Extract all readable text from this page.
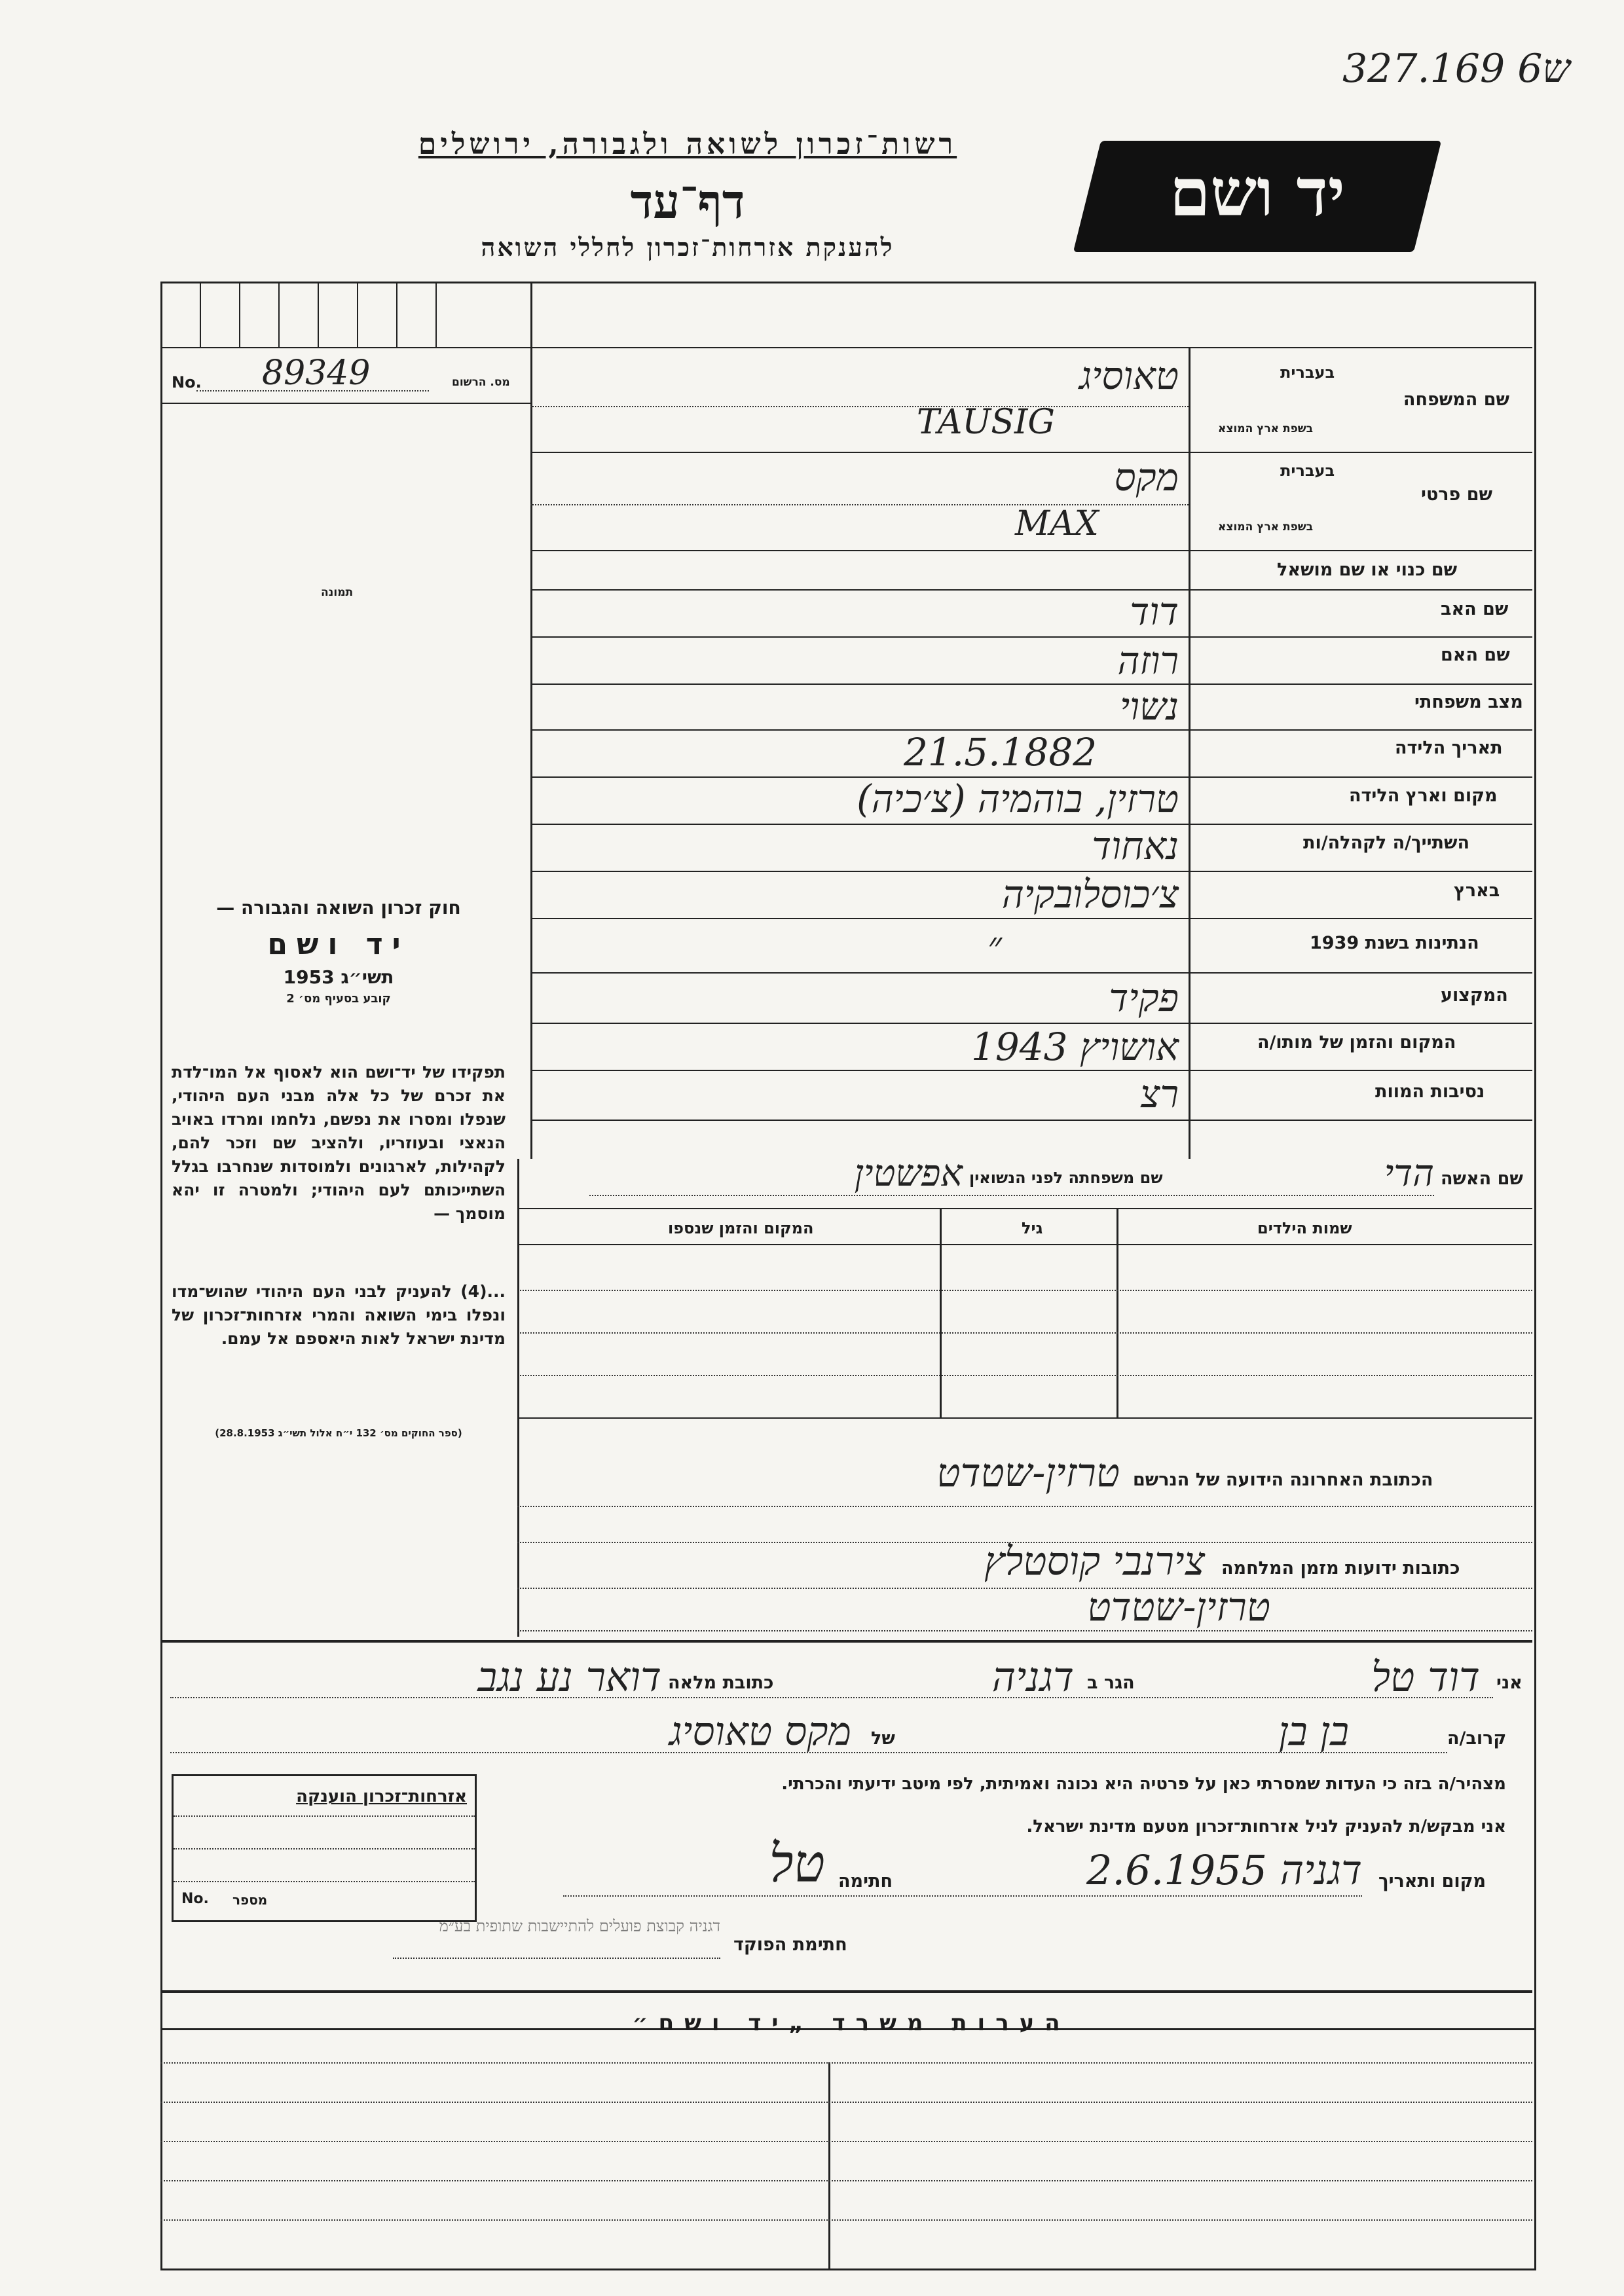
327.169 ש6
רשות־זכרון לשואה ולגבורה, ירושלים
דף־עד
להענקת אזרחות־זכרון לחללי השואה
יד ושם
No. 89349	מס. הרשום
תמונה
שם המשפחה
בעברית
בשפת ארץ המוצא
טאוסיג
TAUSIG
שם פרטי
בעברית
בשפת ארץ המוצא
מקס
MAX
שם כנוי או שם מושאל
שם האב
דוד
שם האם
רוזה
מצב משפחתי
נשוי
תאריך הלידה
21.5.1882
מקום וארץ הלידה
טרזין, בוהמיה (צ׳כיה)
השתייך/ה לקהלה/ות
נאחוד
בארץ
צ׳כוסלובקיה
הנתינות בשנת 1939
״
המקצוע
פקיד
המקום והזמן של מותו/ה
אושויץ 1943
נסיבות המוות
רצ
שם האשה
הדי
שם משפחתה לפני הנשואין
אפשטין
שמות הילדים
גיל
המקום והזמן שנספו

חוק זכרון השואה והגבורה —

יד ושם

תשי״ג 1953

קובע בסעיף מס׳ 2

תפקידו של יד־ושם הוא לאסוף אל המו־לדת את זכרם של כל אלה מבני העם היהודי, שנפלו ומסרו את נפשם, נלחמו ומרדו באויב הנאצי ובעוזריו, ולהציב שם וזכר להם, לקהילות, לארגונים ולמוסדות שנחרבו בגלל השתייכותם לעם היהודי; ולמטרה זו יהא מוסמך —
...(4) להעניק לבני העם היהודי שהוש־מדו ונפלו בימי השואה והמרי אזרחות־זכרון של מדינת ישראל לאות היאספם אל עמם.
(ספר החוקים מס׳ 132 י״ח אלול תשי״ג 28.8.1953)
הכתובת האחרונה הידועה של הנרשם
טרזין-שטדט
כתובות ידועות מזמן המלחמה
צירנבי קוסטלץ
טרזין-שטדט
אני
דוד טל
הגר ב
דגניה
כתובת מלאה
דואר נע נגב
קרוב/ה
בן בן
של
מקס טאוסיג
מצהיר/ה בזה כי העדות שמסרתי כאן על פרטיה היא נכונה ואמיתית, לפי מיטב ידיעתי והכרתי.
אני מבקש/ת להעניק לניל אזרחות־זכרון מטעם מדינת ישראל.
מקום ותאריך
דגניה 2.6.1955
חתימה
טל
חתימת הפוקד
דגניה קבוצת פועלים להתיישבות שתופית בע״מ
אזרחות־זכרון הוענקה
No. מספר
הערות משרד „יד ושם״
